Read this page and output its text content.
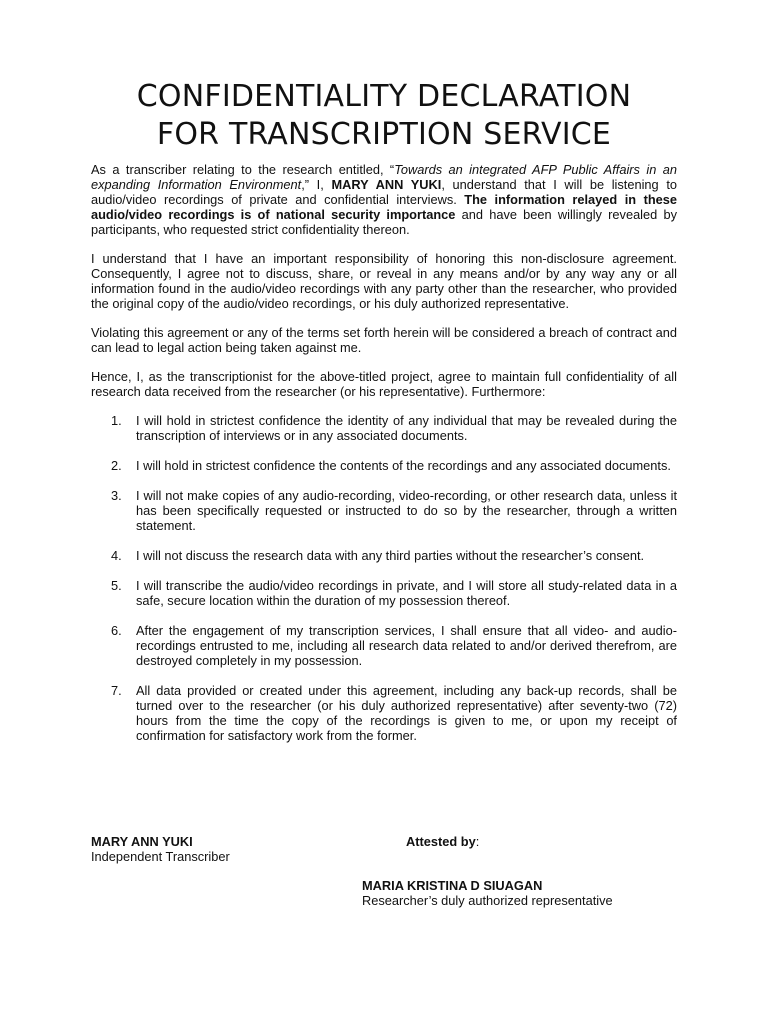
CONFIDENTIALITY DECLARATION
FOR TRANSCRIPTION SERVICE

As a transcriber relating to the research entitled, “Towards an integrated AFP Public Affairs in an expanding Information Environment,” I, MARY ANN YUKI, understand that I will be listening to audio/video recordings of private and confidential interviews. The information relayed in these audio/video recordings is of national security importance and have been willingly revealed by participants, who requested strict confidentiality thereon.

I understand that I have an important responsibility of honoring this non-disclosure agreement. Consequently, I agree not to discuss, share, or reveal in any means and/or by any way any or all information found in the audio/video recordings with any party other than the researcher, who provided the original copy of the audio/video recordings, or his duly authorized representative.

Violating this agreement or any of the terms set forth herein will be considered a breach of contract and can lead to legal action being taken against me.

Hence, I, as the transcriptionist for the above-titled project, agree to maintain full confidentiality of all research data received from the researcher (or his representative). Furthermore:

1. I will hold in strictest confidence the identity of any individual that may be revealed during the transcription of interviews or in any associated documents.
2. I will hold in strictest confidence the contents of the recordings and any associated documents.
3. I will not make copies of any audio-recording, video-recording, or other research data, unless it has been specifically requested or instructed to do so by the researcher, through a written statement.
4. I will not discuss the research data with any third parties without the researcher’s consent.
5. I will transcribe the audio/video recordings in private, and I will store all study-related data in a safe, secure location within the duration of my possession thereof.
6. After the engagement of my transcription services, I shall ensure that all video- and audio-recordings entrusted to me, including all research data related to and/or derived therefrom, are destroyed completely in my possession.
7. All data provided or created under this agreement, including any back-up records, shall be turned over to the researcher (or his duly authorized representative) after seventy-two (72) hours from the time the copy of the recordings is given to me, or upon my receipt of confirmation for satisfactory work from the former.
MARY ANN YUKI
Independent Transcriber
Attested by:
MARIA KRISTINA D SIUAGAN
Researcher’s duly authorized representative
